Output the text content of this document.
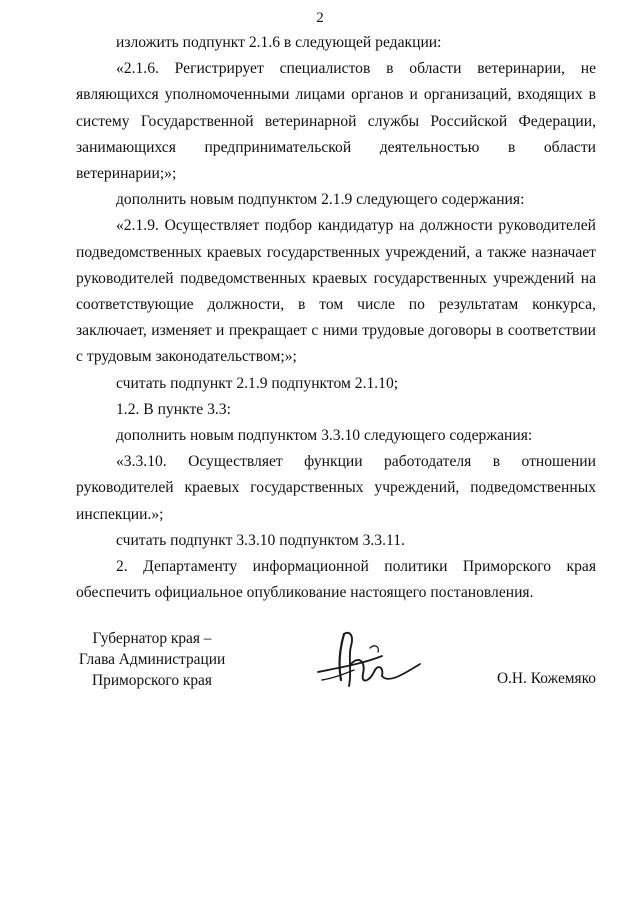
2

изложить подпункт 2.1.6 в следующей редакции:

«2.1.6. Регистрирует специалистов в области ветеринарии, не являющихся уполномоченными лицами органов и организаций, входящих в систему Государственной ветеринарной службы Российской Федерации, занимающихся предпринимательской деятельностью в области ветеринарии;»;

дополнить новым подпунктом 2.1.9 следующего содержания:

«2.1.9. Осуществляет подбор кандидатур на должности руководителей подведомственных краевых государственных учреждений, а также назначает руководителей подведомственных краевых государственных учреждений на соответствующие должности, в том числе по результатам конкурса, заключает, изменяет и прекращает с ними трудовые договоры в соответствии с трудовым законодательством;»;

считать подпункт 2.1.9 подпунктом 2.1.10;

1.2. В пункте 3.3:

дополнить новым подпунктом 3.3.10 следующего содержания:

«3.3.10. Осуществляет функции работодателя в отношении руководителей краевых государственных учреждений, подведомственных инспекции.»;

считать подпункт 3.3.10 подпунктом 3.3.11.

2. Департаменту информационной политики Приморского края обеспечить официальное опубликование настоящего постановления.

Губернатор края –
Глава Администрации
Приморского края	О.Н. Кожемяко
